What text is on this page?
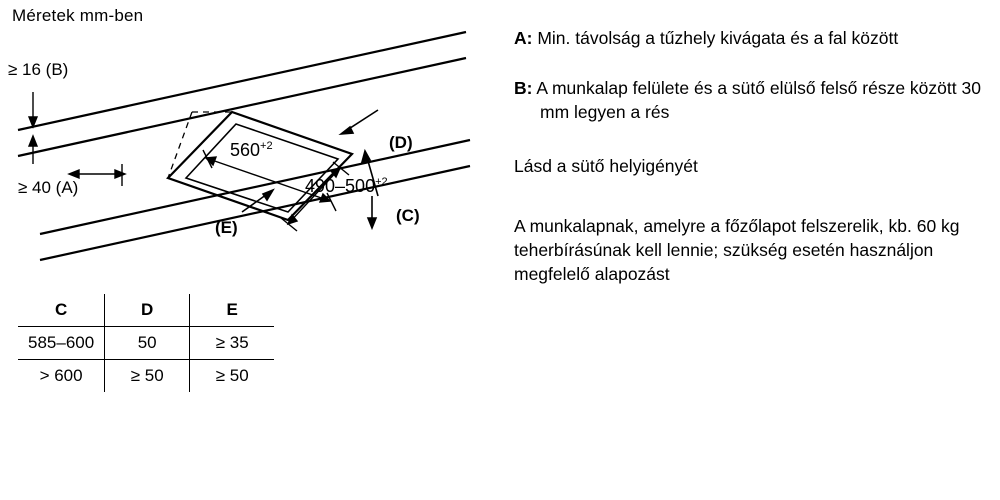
Méretek mm-ben
≥ 16 (B)
≥ 40 (A)
(D)
(C)
(E)
$560^{+2}$
$490-500^{+2}$
C	D	E
585–600	50	≥ 35
> 600	≥ 50	≥ 50
A: Min. távolság a tűzhely kivágata és a fal között
B: A munkalap felülete és a sütő elülső felső része között 30 mm legyen a rés
Lásd a sütő helyigényét
A munkalapnak, amelyre a főzőlapot felszerelik, kb. 60 kg teherbírásúnak kell lennie; szükség esetén használjon megfelelő alapozást
